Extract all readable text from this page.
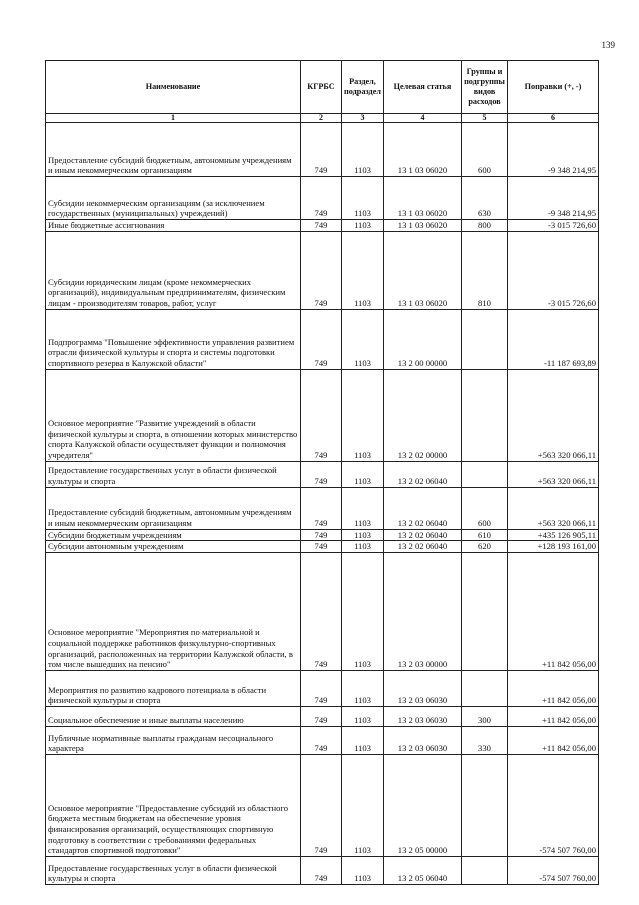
139
Наименование	КГРБС	Раздел, подраздел	Целевая статья	Группы и подгруппы видов расходов	Поправки (+, -)
1	2	3	4	5	6
Предоставление субсидий бюджетным, автономным учреждениям и иным некоммерческим организациям	749	1103	13 1 03 06020	600	-9 348 214,95
Субсидии некоммерческим организациям (за исключением государственных (муниципальных) учреждений)	749	1103	13 1 03 06020	630	-9 348 214,95
Иные бюджетные ассигнования	749	1103	13 1 03 06020	800	-3 015 726,60
Субсидии юридическим лицам (кроме некоммерческих организаций), индивидуальным предпринимателям, физическим лицам - производителям товаров, работ, услуг	749	1103	13 1 03 06020	810	-3 015 726,60
Подпрограмма "Повышение эффективности управления развитием отрасли физической культуры и спорта и системы подготовки спортивного резерва в Калужской области"	749	1103	13 2 00 00000		-11 187 693,89
Основное мероприятие "Развитие учреждений в области физической культуры и спорта, в отношении которых министерство спорта Калужской области осуществляет функции и полномочия учредителя"	749	1103	13 2 02 00000		+563 320 066,11
Предоставление государственных услуг в области физической культуры и спорта	749	1103	13 2 02 06040		+563 320 066,11
Предоставление субсидий бюджетным, автономным учреждениям и иным некоммерческим организациям	749	1103	13 2 02 06040	600	+563 320 066,11
Субсидии бюджетным учреждениям	749	1103	13 2 02 06040	610	+435 126 905,11
Субсидии автономным учреждениям	749	1103	13 2 02 06040	620	+128 193 161,00
Основное мероприятие "Мероприятия по материальной и социальной поддержке работников физкультурно-спортивных организаций, расположенных на территории Калужской области, в том числе вышедших на пенсию"	749	1103	13 2 03 00000		+11 842 056,00
Мероприятия по развитию кадрового потенциала в области физической культуры и спорта	749	1103	13 2 03 06030		+11 842 056,00
Социальное обеспечение и иные выплаты населению	749	1103	13 2 03 06030	300	+11 842 056,00
Публичные нормативные выплаты гражданам несоциального характера	749	1103	13 2 03 06030	330	+11 842 056,00
Основное мероприятие "Предоставление субсидий из областного бюджета местным бюджетам на обеспечение уровня финансирования организаций, осуществляющих спортивную подготовку в соответствии с требованиями федеральных стандартов спортивной подготовки"	749	1103	13 2 05 00000		-574 507 760,00
Предоставление государственных услуг в области физической культуры и спорта	749	1103	13 2 05 06040		-574 507 760,00
